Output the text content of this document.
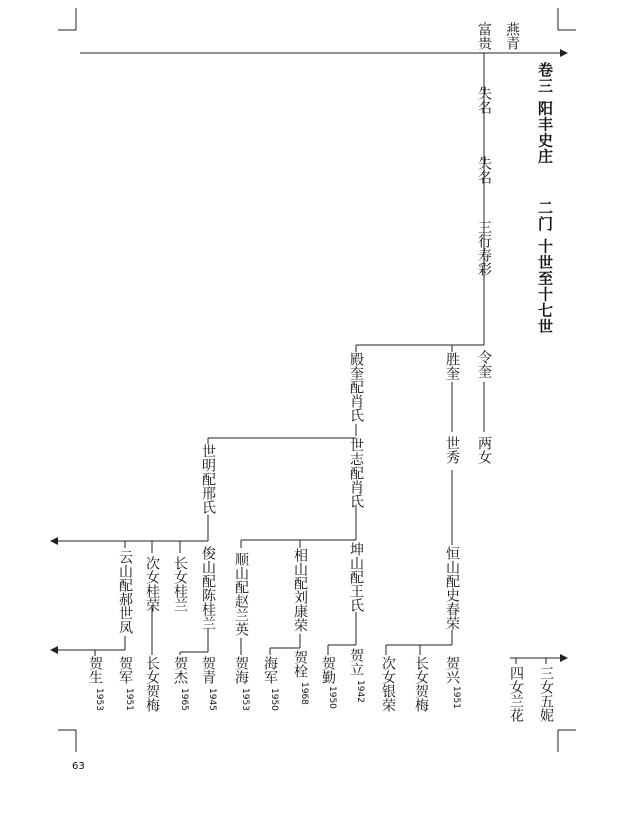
燕青
富贵
卷三 阳丰史庄
二门 十世至十七世
失名
失名
三行寿彩
令奎
两女
胜奎
世秀
恒山配史春荣
殿奎配肖氏
世志配肖氏
坤山配王氏
相山配刘康荣
顺山配赵兰英
世明配邢氏
俊山配陈桂兰
长女桂兰
次女桂荣
云山配郝世凤
三女五妮
四女兰花
贺兴
1951
长女贺梅
次女银荣
贺立
1942
贺勤
1950
贺栓
1968
海军
1950
贺海
1953
贺青
1945
贺杰
1965
长女贺梅
贺军
1951
贺生
1953
63
